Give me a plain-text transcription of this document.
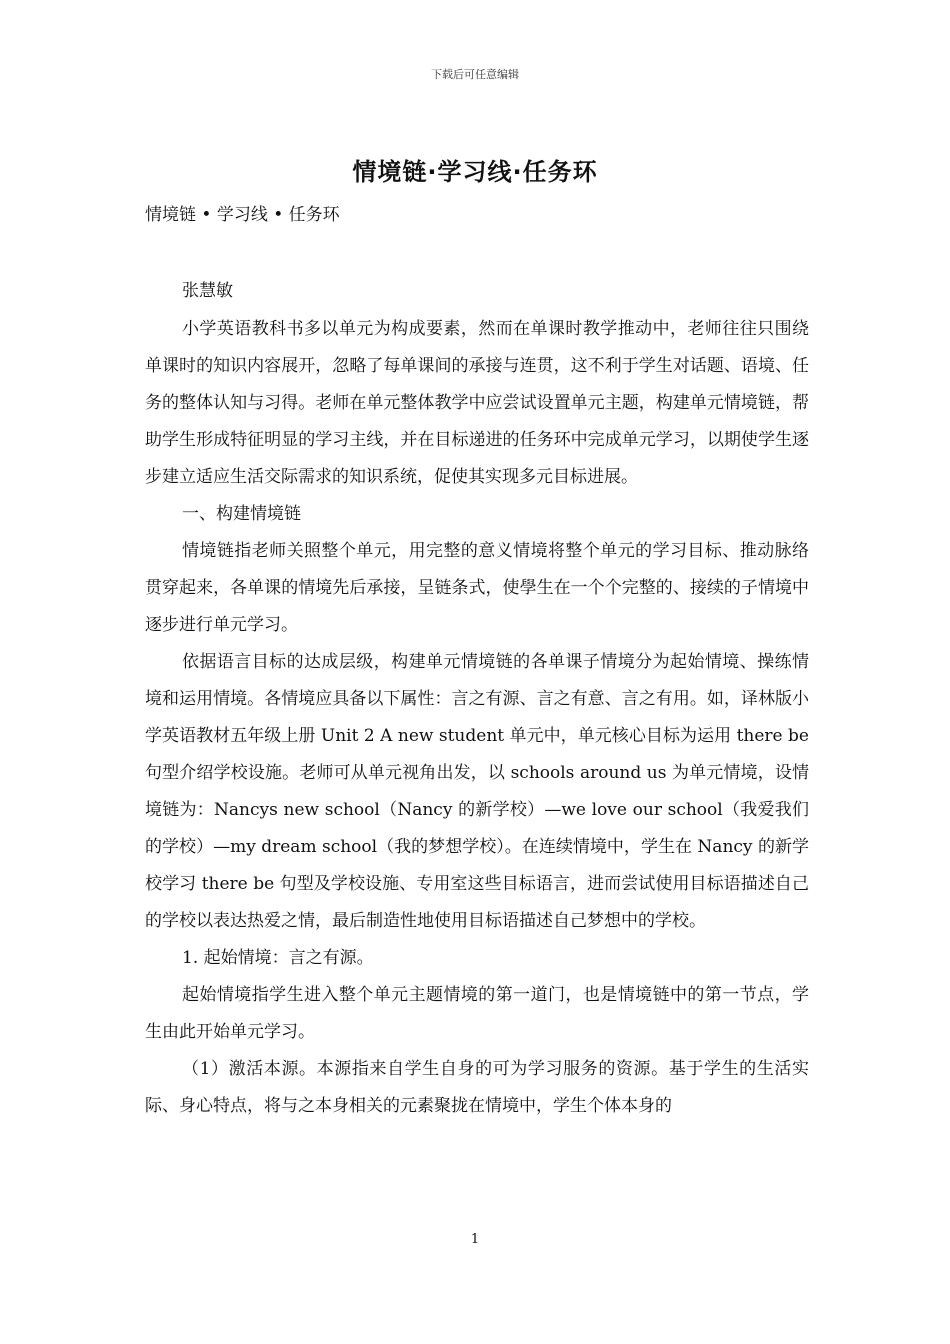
下载后可任意编辑
情境链·学习线·任务环
情境链 • 学习线 • 任务环
张慧敏

小学英语教科书多以单元为构成要素，然而在单课时教学推动中，老师往往只围绕单课时的知识内容展开，忽略了每单课间的承接与连贯，这不利于学生对话题、语境、任务的整体认知与习得。老师在单元整体教学中应尝试设置单元主题，构建单元情境链，帮助学生形成特征明显的学习主线，并在目标递进的任务环中完成单元学习，以期使学生逐步建立适应生活交际需求的知识系统，促使其实现多元目标进展。

一、构建情境链

情境链指老师关照整个单元，用完整的意义情境将整个单元的学习目标、推动脉络贯穿起来，各单课的情境先后承接，呈链条式，使學生在一个个完整的、接续的子情境中逐步进行单元学习。

依据语言目标的达成层级，构建单元情境链的各单课子情境分为起始情境、操练情境和运用情境。各情境应具备以下属性：言之有源、言之有意、言之有用。如，译林版小学英语教材五年级上册 Unit 2 A new student 单元中，单元核心目标为运用 there be 句型介绍学校设施。老师可从单元视角出发，以 schools around us 为单元情境，设情境链为：Nancys new school（Nancy 的新学校）—we love our school（我爱我们的学校）—my dream school（我的梦想学校）。在连续情境中，学生在 Nancy 的新学校学习 there be 句型及学校设施、专用室这些目标语言，进而尝试使用目标语描述自己的学校以表达热爱之情，最后制造性地使用目标语描述自己梦想中的学校。

1. 起始情境：言之有源。

起始情境指学生进入整个单元主题情境的第一道门，也是情境链中的第一节点，学生由此开始单元学习。

（1）激活本源。本源指来自学生自身的可为学习服务的资源。基于学生的生活实际、身心特点，将与之本身相关的元素聚拢在情境中，学生个体本身的

1
